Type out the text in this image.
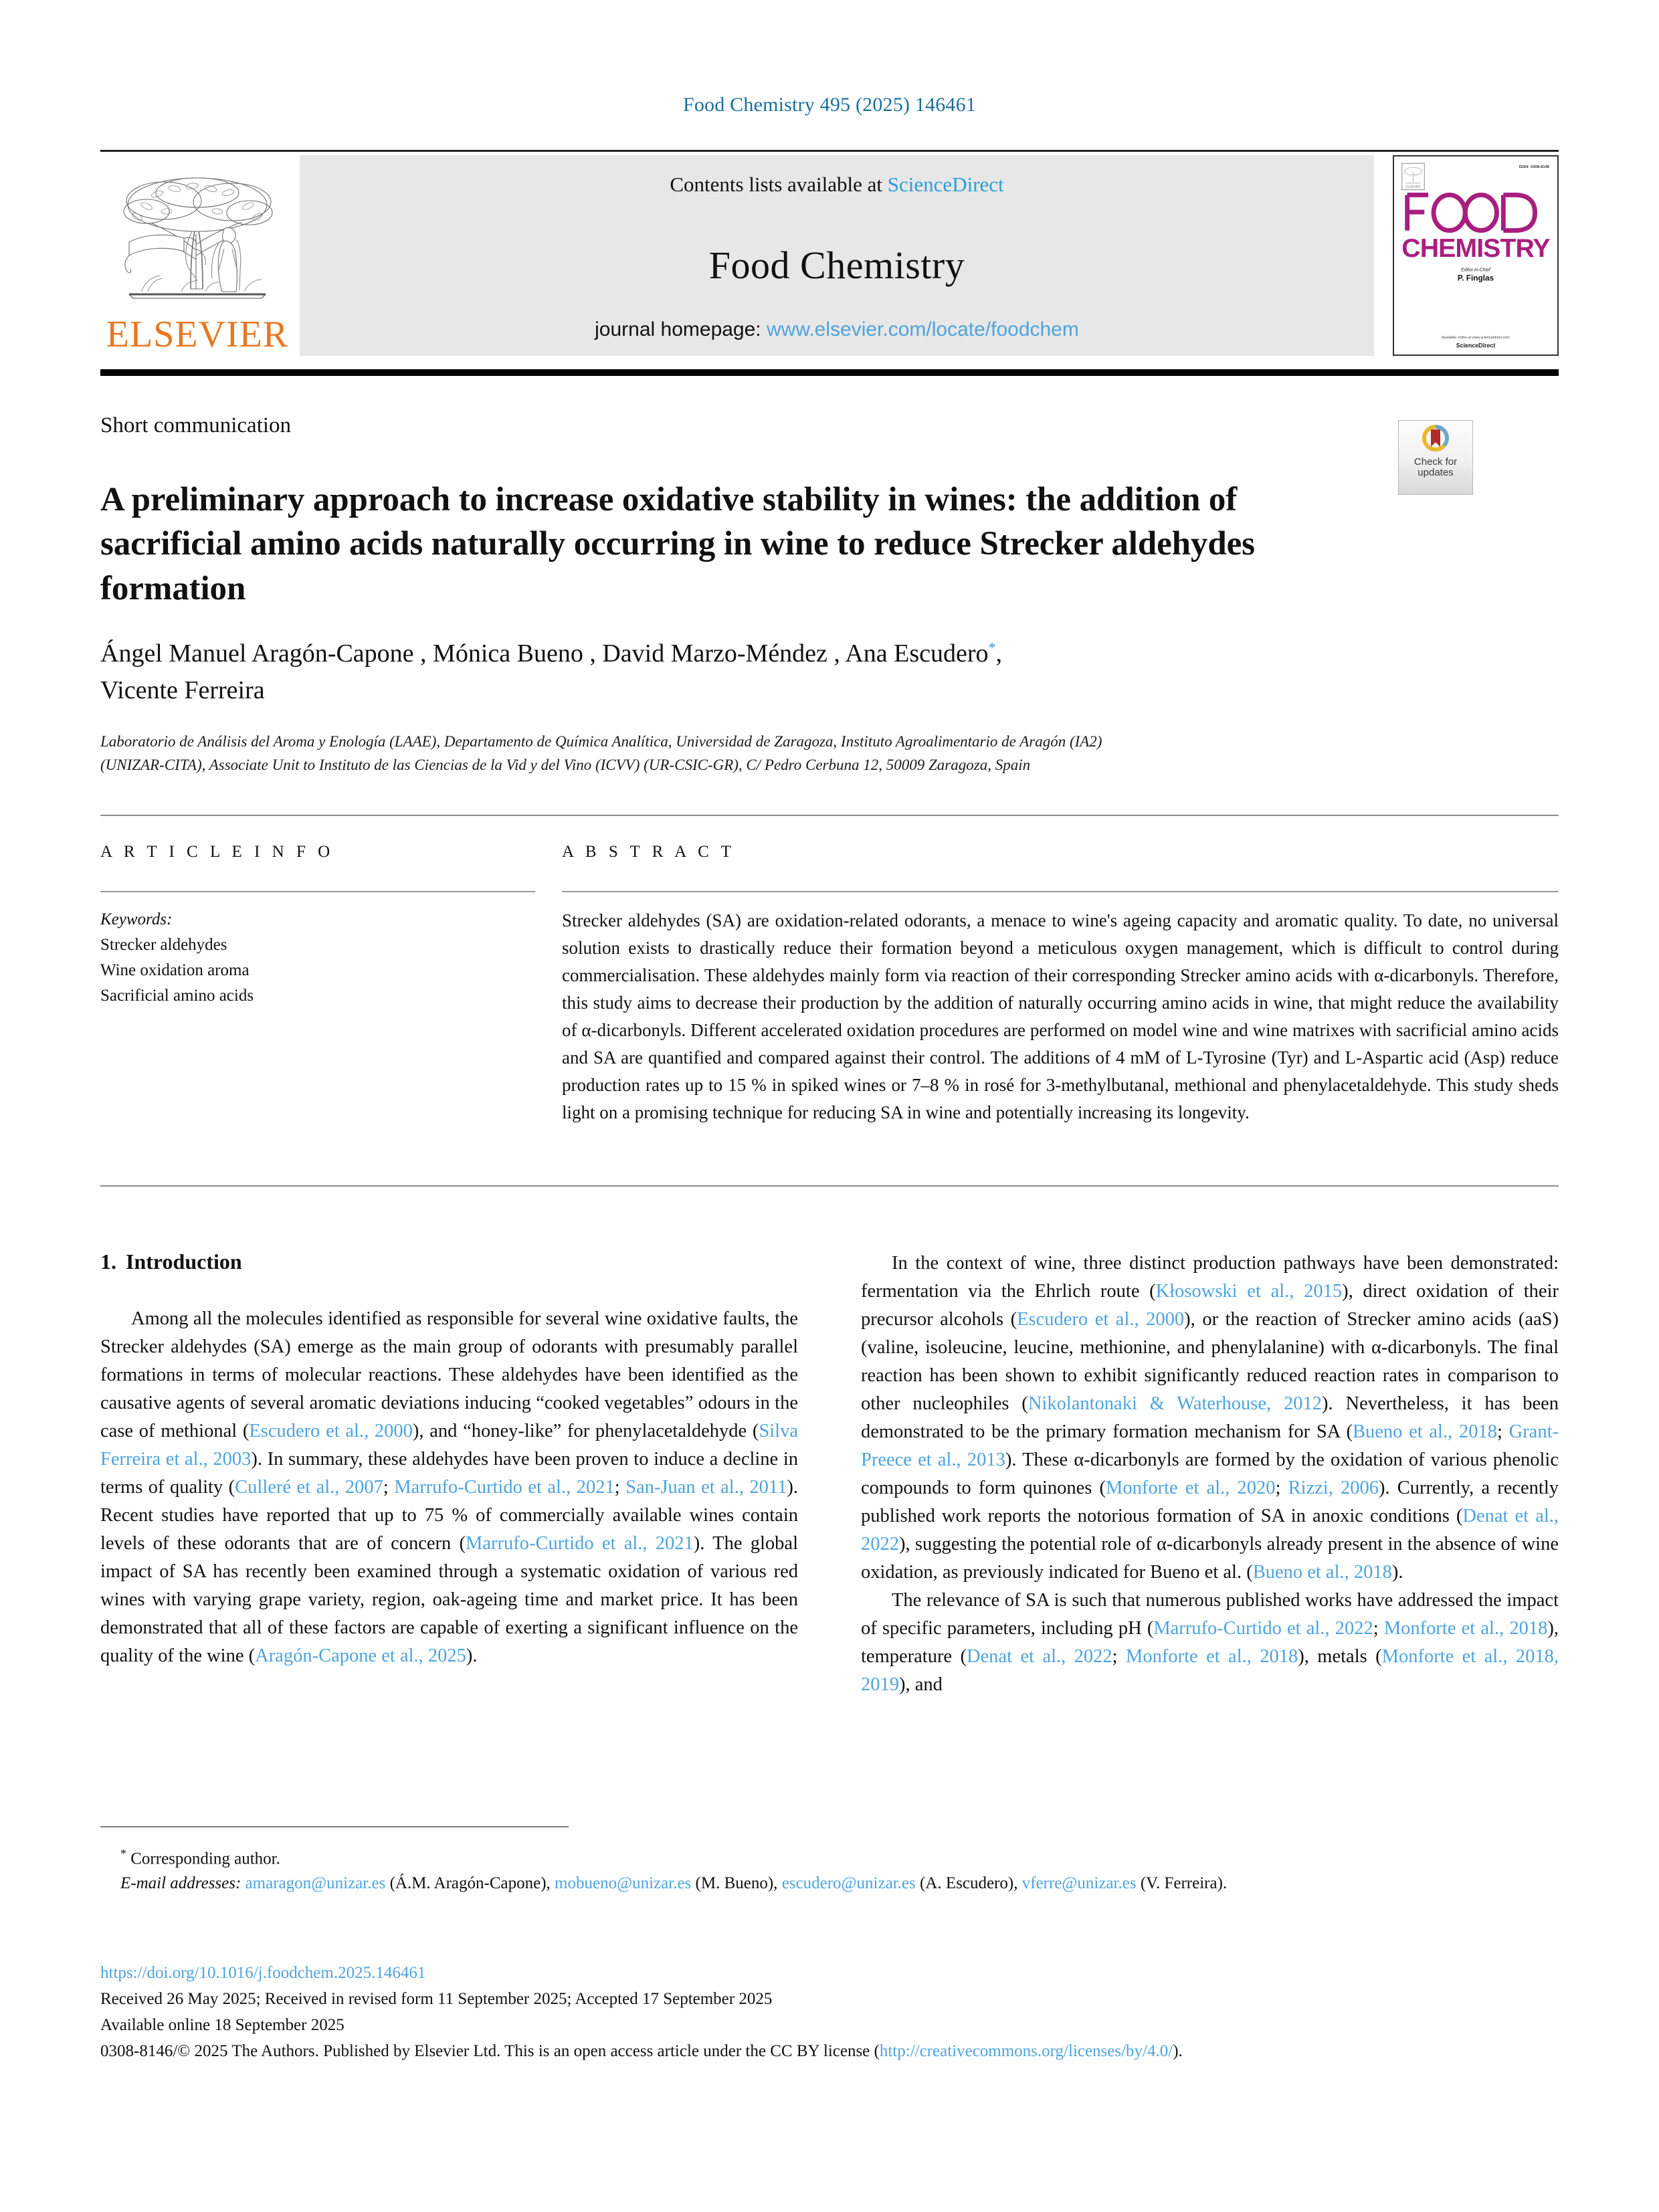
Food Chemistry 495 (2025) 146461
ELSEVIER
Contents lists available at ScienceDirect
Food Chemistry
journal homepage: www.elsevier.com/locate/foodchem
ELSEVIER
ISSN: 0308-8146
CHEMISTRY
Editor-in-Chief
P. Finglas
Available online at www.sciencedirect.com
ScienceDirect
Short communication
Check for
updates
A preliminary approach to increase oxidative stability in wines: the addition of sacrificial amino acids naturally occurring in wine to reduce Strecker aldehydes formation
Ángel Manuel Aragón-Capone , Mónica Bueno , David Marzo-Méndez , Ana Escudero*,
Vicente Ferreira
Laboratorio de Análisis del Aroma y Enología (LAAE), Departamento de Química Analítica, Universidad de Zaragoza, Instituto Agroalimentario de Aragón (IA2)
(UNIZAR-CITA), Associate Unit to Instituto de las Ciencias de la Vid y del Vino (ICVV) (UR-CSIC-GR), C/ Pedro Cerbuna 12, 50009 Zaragoza, Spain
A R T I C L E I N F O
Keywords:
Strecker aldehydes
Wine oxidation aroma
Sacrificial amino acids
A B S T R A C T
Strecker aldehydes (SA) are oxidation-related odorants, a menace to wine's ageing capacity and aromatic quality. To date, no universal solution exists to drastically reduce their formation beyond a meticulous oxygen management, which is difficult to control during commercialisation. These aldehydes mainly form via reaction of their corresponding Strecker amino acids with α-dicarbonyls. Therefore, this study aims to decrease their production by the addition of naturally occurring amino acids in wine, that might reduce the availability of α-dicarbonyls. Different accelerated oxidation procedures are performed on model wine and wine matrixes with sacrificial amino acids and SA are quantified and compared against their control. The additions of 4 mM of L-Tyrosine (Tyr) and L-Aspartic acid (Asp) reduce production rates up to 15 % in spiked wines or 7–8 % in rosé for 3-methylbutanal, methional and phenylacetaldehyde. This study sheds light on a promising technique for reducing SA in wine and potentially increasing its longevity.
1. Introduction

Among all the molecules identified as responsible for several wine oxidative faults, the Strecker aldehydes (SA) emerge as the main group of odorants with presumably parallel formations in terms of molecular reactions. These aldehydes have been identified as the causative agents of several aromatic deviations inducing “cooked vegetables” odours in the case of methional (Escudero et al., 2000), and “honey-like” for phenylacetaldehyde (Silva Ferreira et al., 2003). In summary, these aldehydes have been proven to induce a decline in terms of quality (Culleré et al., 2007; Marrufo-Curtido et al., 2021; San-Juan et al., 2011). Recent studies have reported that up to 75 % of commercially available wines contain levels of these odorants that are of concern (Marrufo-Curtido et al., 2021). The global impact of SA has recently been examined through a systematic oxidation of various red wines with varying grape variety, region, oak-ageing time and market price. It has been demonstrated that all of these factors are capable of exerting a significant influence on the quality of the wine (Aragón-Capone et al., 2025).

In the context of wine, three distinct production pathways have been demonstrated: fermentation via the Ehrlich route (Kłosowski et al., 2015), direct oxidation of their precursor alcohols (Escudero et al., 2000), or the reaction of Strecker amino acids (aaS) (valine, isoleucine, leucine, methionine, and phenylalanine) with α-dicarbonyls. The final reaction has been shown to exhibit significantly reduced reaction rates in comparison to other nucleophiles (Nikolantonaki & Waterhouse, 2012). Nevertheless, it has been demonstrated to be the primary formation mechanism for SA (Bueno et al., 2018; Grant-Preece et al., 2013). These α-dicarbonyls are formed by the oxidation of various phenolic compounds to form quinones (Monforte et al., 2020; Rizzi, 2006). Currently, a recently published work reports the notorious formation of SA in anoxic conditions (Denat et al., 2022), suggesting the potential role of α-dicarbonyls already present in the absence of wine oxidation, as previously indicated for Bueno et al. (Bueno et al., 2018).

The relevance of SA is such that numerous published works have addressed the impact of specific parameters, including pH (Marrufo-Curtido et al., 2022; Monforte et al., 2018), temperature (Denat et al., 2022; Monforte et al., 2018), metals (Monforte et al., 2018, 2019), and

* Corresponding author.
E-mail addresses: amaragon@unizar.es (Á.M. Aragón-Capone), mobueno@unizar.es (M. Bueno), escudero@unizar.es (A. Escudero), vferre@unizar.es (V. Ferreira).
https://doi.org/10.1016/j.foodchem.2025.146461
Received 26 May 2025; Received in revised form 11 September 2025; Accepted 17 September 2025
Available online 18 September 2025
0308-8146/© 2025 The Authors. Published by Elsevier Ltd. This is an open access article under the CC BY license (http://creativecommons.org/licenses/by/4.0/).
